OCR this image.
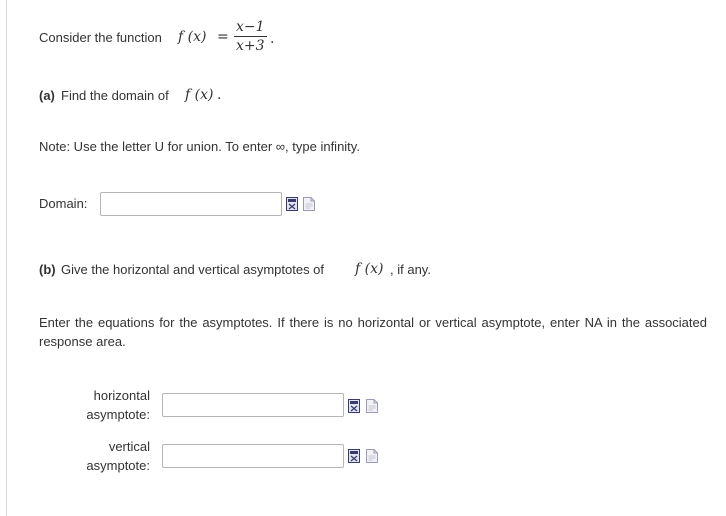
Consider the function f (x) =
x−1
x+3 .
(a) Find the domain of f (x) .
Note: Use the letter U for union. To enter ∞, type infinity.
Domain:
(b) Give the horizontal and vertical asymptotes of f (x) , if any.
Enter the equations for the asymptotes. If there is no horizontal or vertical asymptote, enter NA in the associated response area.
horizontal
asymptote:
vertical
asymptote:
